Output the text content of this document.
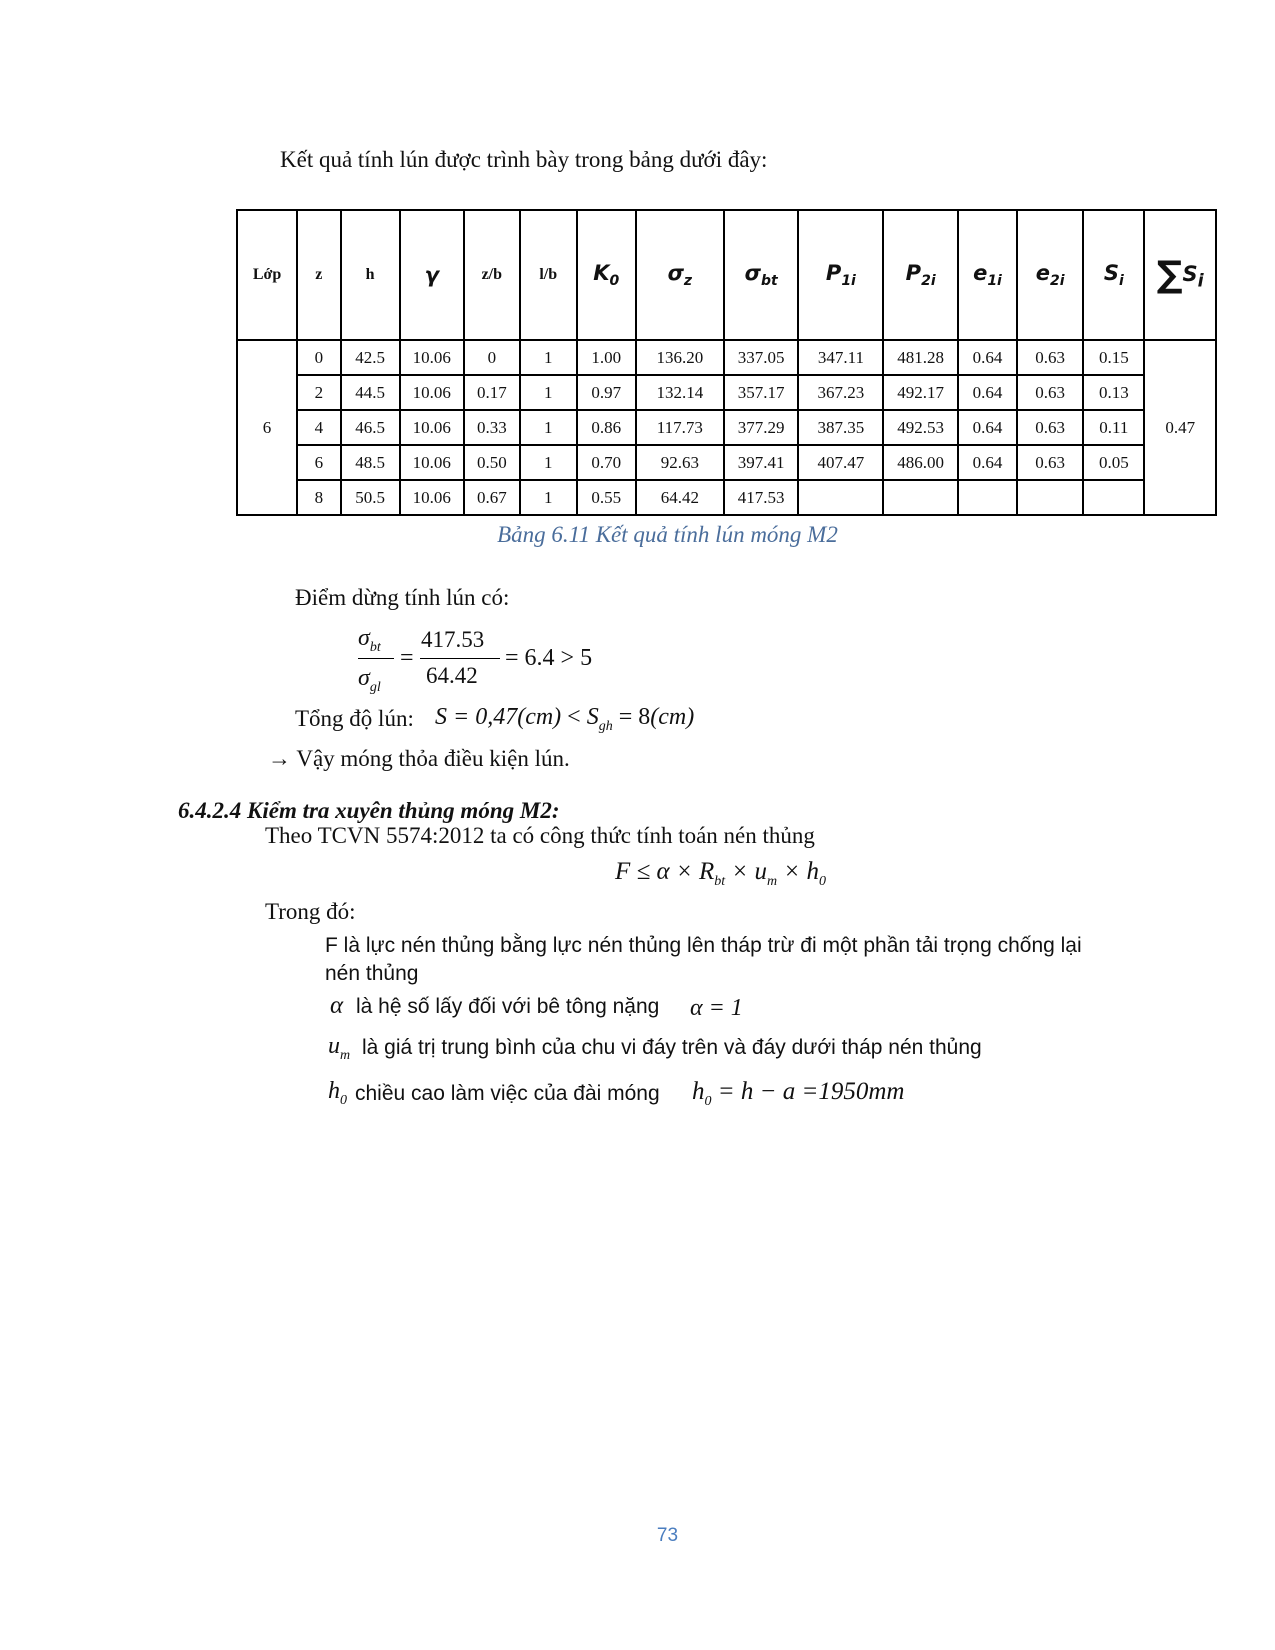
Kết quả tính lún được trình bày trong bảng dưới đây:
Lớp	z	h	γ	z/b	l/b	$K_0$	$\sigma_z$	$\sigma_{bt}$	$P_{1i}$	$P_{2i}$	$e_{1i}$	$e_{2i}$	$S_i$	$\sum S_i$
6	0	42.5	10.06	0	1	1.00	136.20	337.05	347.11	481.28	0.64	0.63	0.15	0.47
	2	44.5	10.06	0.17	1	0.97	132.14	357.17	367.23	492.17	0.64	0.63	0.13	
	4	46.5	10.06	0.33	1	0.86	117.73	377.29	387.35	492.53	0.64	0.63	0.11	
	6	48.5	10.06	0.50	1	0.70	92.63	397.41	407.47	486.00	0.64	0.63	0.05	
	8	50.5	10.06	0.67	1	0.55	64.42	417.53						
Bảng 6.11 Kết quả tính lún móng M2
Điểm dừng tính lún có:
$\sigma_{bt}$
$\sigma_{gl}$
=
417.53
64.42
= 6.4 > 5
Tổng độ lún: $S = 0,47(cm) < S_{gh} = 8(cm)$
→ Vậy móng thỏa điều kiện lún.
6.4.2.4 Kiểm tra xuyên thủng móng M2:
Theo TCVN 5574:2012 ta có công thức tính toán nén thủng
$F \le \alpha \times R_{bt} \times u_m \times h_0$
Trong đó:
F là lực nén thủng bằng lực nén thủng lên tháp trừ đi một phần tải trọng chống lại
nén thủng
α là hệ số lấy đối với bê tông nặng α = 1
$u_m$ là giá trị trung bình của chu vi đáy trên và đáy dưới tháp nén thủng
$h_0$ chiều cao làm việc của đài móng $h_0 = h - a =1950mm$
73
